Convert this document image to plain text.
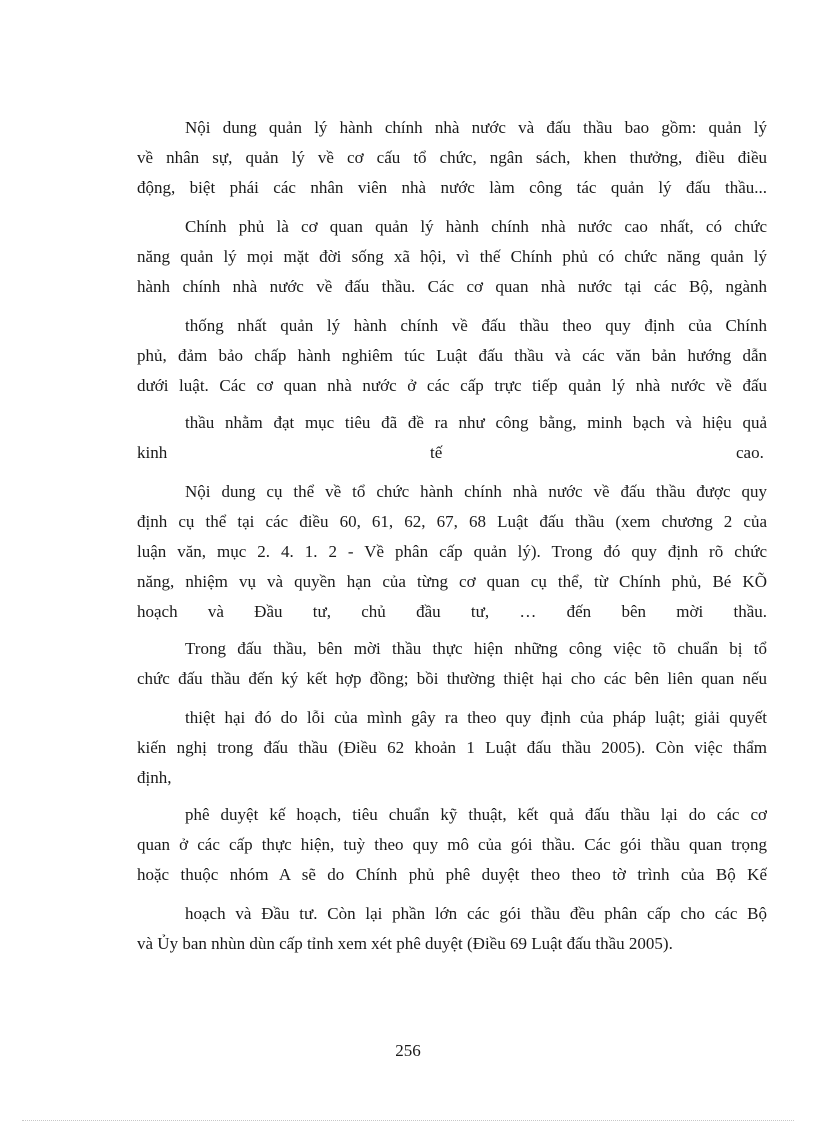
Nội dung quản lý hành chính nhà nước và đấu thầu bao gồm: quản lý
về nhân sự, quản lý về cơ cấu tổ chức, ngân sách, khen thưởng, điều điều
động, biệt phái các nhân viên nhà nước làm công tác quản lý đấu thầu...
Chính phủ là cơ quan quản lý hành chính nhà nước cao nhất, có chức
năng quản lý mọi mặt đời sống xã hội, vì thế Chính phủ có chức năng quản lý
hành chính nhà nước về đấu thầu. Các cơ quan nhà nước tại các Bộ, ngành
thống nhất quản lý hành chính về đấu thầu theo quy định của Chính
phủ, đảm bảo chấp hành nghiêm túc Luật đấu thầu và các văn bản hướng dẫn
dưới luật. Các cơ quan nhà nước ở các cấp trực tiếp quản lý nhà nước về đấu
thầu nhằm đạt mục tiêu đã đề ra như công bằng, minh bạch và hiệu quả
kinh	tế	cao.
Nội dung cụ thể về tổ chức hành chính nhà nước về đấu thầu được quy
định cụ thể tại các điều 60, 61, 62, 67, 68 Luật đấu thầu (xem chương 2 của
luận văn, mục 2. 4. 1. 2 - Về phân cấp quản lý). Trong đó quy định rõ chức
năng, nhiệm vụ và quyền hạn của từng cơ quan cụ thể, từ Chính phủ, Bé KÕ
hoạch và Đầu tư, chủ đầu tư, … đến bên mời thầu.
Trong đấu thầu, bên mời thầu thực hiện những công việc tõ chuẩn bị tổ
chức đấu thầu đến ký kết hợp đồng; bồi thường thiệt hại cho các bên liên quan nếu
thiệt hại đó do lỗi của mình gây ra theo quy định của pháp luật; giải quyết
kiến nghị trong đấu thầu (Điều 62 khoản 1 Luật đấu thầu 2005). Còn việc thẩm
định,
phê duyệt kế hoạch, tiêu chuẩn kỹ thuật, kết quả đấu thầu lại do các cơ
quan ở các cấp thực hiện, tuỳ theo quy mô của gói thầu. Các gói thầu quan trọng
hoặc thuộc nhóm A sẽ do Chính phủ phê duyệt theo theo tờ trình của Bộ Kế
hoạch và Đầu tư. Còn lại phần lớn các gói thầu đều phân cấp cho các Bộ
và Ủy ban nhùn dùn cấp tỉnh xem xét phê duyệt (Điều 69 Luật đấu thầu 2005).
256
